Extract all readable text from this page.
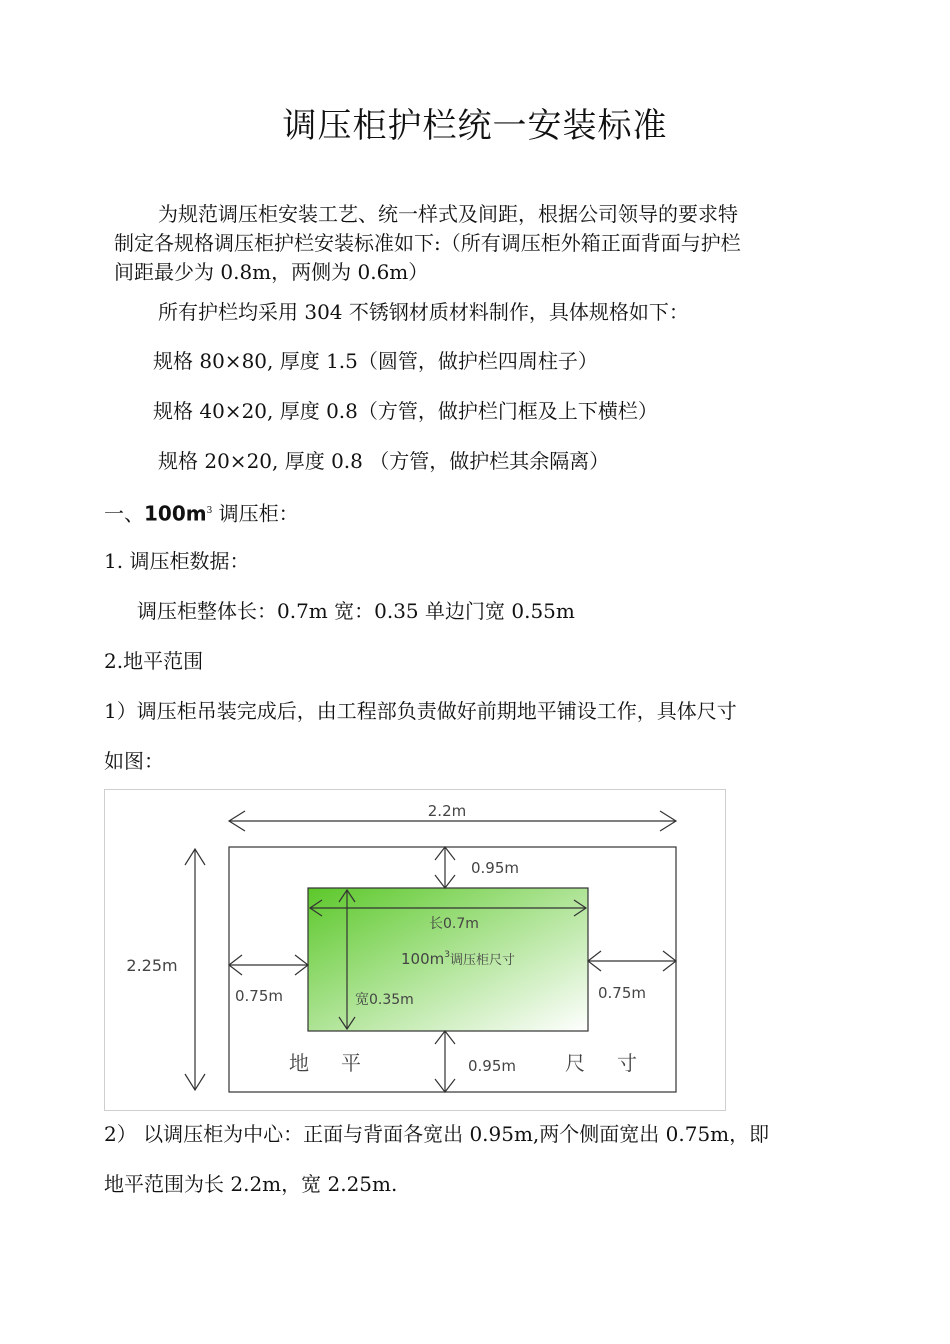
调压柜护栏统一安装标准
为规范调压柜安装工艺、统一样式及间距，根据公司领导的要求特
制定各规格调压柜护栏安装标准如下:（所有调压柜外箱正面背面与护栏
间距最少为 0.8m，两侧为 0.6m）
所有护栏均采用 304 不锈钢材质材料制作，具体规格如下：
规格 80×80, 厚度 1.5（圆管，做护栏四周柱子）
规格 40×20, 厚度 0.8（方管，做护栏门框及上下横栏）
规格 20×20, 厚度 0.8 （方管，做护栏其余隔离）
一、$100m^3$ 调压柜：
1. 调压柜数据：
调压柜整体长：0.7m 宽：0.35 单边门宽 0.55m
2.地平范围
1）调压柜吊装完成后，由工程部负责做好前期地平铺设工作，具体尺寸
如图：
2.2m
2.25m
0.95m
0.95m
0.75m	0.75m
长0.7m
宽0.35m
$100m^3$调压柜尺寸
地 平	尺 寸
2） 以调压柜为中心：正面与背面各宽出 0.95m,两个侧面宽出 0.75m，即
地平范围为长 2.2m，宽 2.25m.
